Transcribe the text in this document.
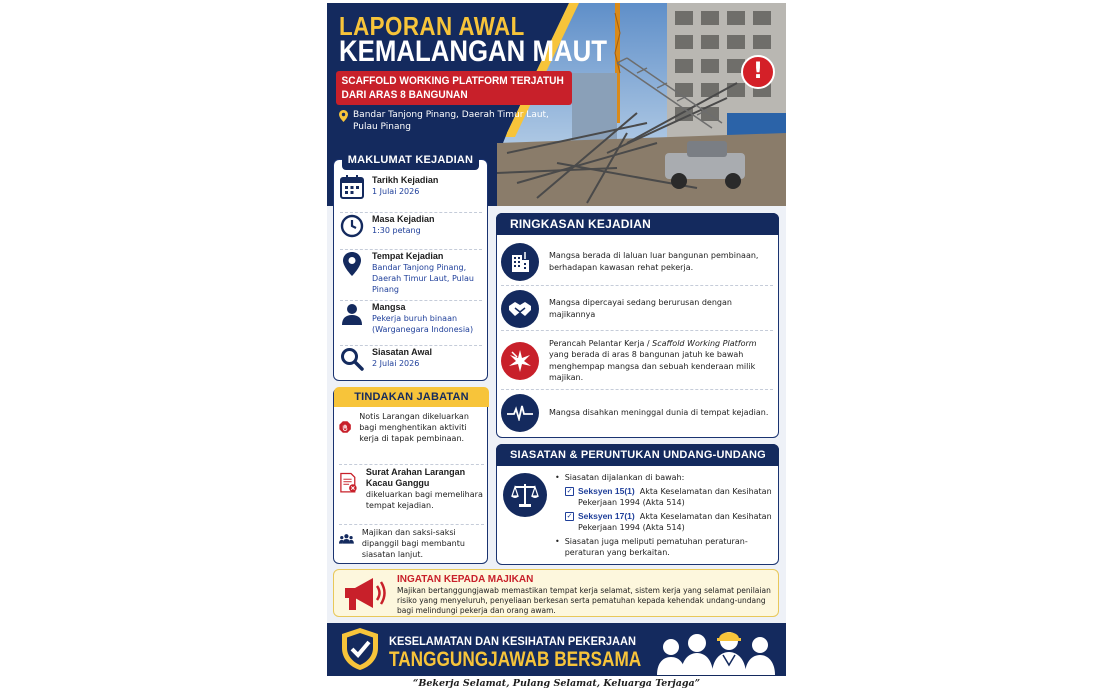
LAPORAN AWAL
KEMALANGAN MAUT
SCAFFOLD WORKING PLATFORM TERJATUH
DARI ARAS 8 BANGUNAN
Bandar Tanjong Pinang, Daerah Timur Laut,
Pulau Pinang
!
MAKLUMAT KEJADIAN
Tarikh Kejadian
1 Julai 2026
Masa Kejadian
1:30 petang
Tempat Kejadian
Bandar Tanjong Pinang, Daerah Timur Laut, Pulau Pinang
Mangsa
Pekerja buruh binaan (Warganegara Indonesia)
Siasatan Awal
2 Julai 2026
TINDAKAN JABATAN
Notis Larangan dikeluarkan bagi menghentikan aktiviti kerja di tapak pembinaan.
Surat Arahan Larangan Kacau Ganggu
dikeluarkan bagi memelihara tempat kejadian.
Majikan dan saksi-saksi dipanggil bagi membantu siasatan lanjut.
RINGKASAN KEJADIAN
Mangsa berada di laluan luar bangunan pembinaan, berhadapan kawasan rehat pekerja.
Mangsa dipercayai sedang berurusan dengan majikannya
Perancah Pelantar Kerja / Scaffold Working Platform yang berada di aras 8 bangunan jatuh ke bawah menghempap mangsa dan sebuah kenderaan milik majikan.
Mangsa disahkan meninggal dunia di tempat kejadian.
SIASATAN & PERUNTUKAN UNDANG-UNDANG
• Siasatan dijalankan di bawah:
✓ Seksyen 15(1) Akta Keselamatan dan Kesihatan Pekerjaan 1994 (Akta 514)
✓ Seksyen 17(1) Akta Keselamatan dan Kesihatan Pekerjaan 1994 (Akta 514)
• Siasatan juga meliputi pematuhan peraturan-peraturan yang berkaitan.
INGATAN KEPADA MAJIKAN
Majikan bertanggungjawab memastikan tempat kerja selamat, sistem kerja yang selamat penilaian risiko yang menyeluruh, penyeliaan berkesan serta pematuhan kepada kehendak undang-undang bagi melindungi pekerja dan orang awam.
KESELAMATAN DAN KESIHATAN PEKERJAAN
TANGGUNGJAWAB BERSAMA
“Bekerja Selamat, Pulang Selamat, Keluarga Terjaga”
